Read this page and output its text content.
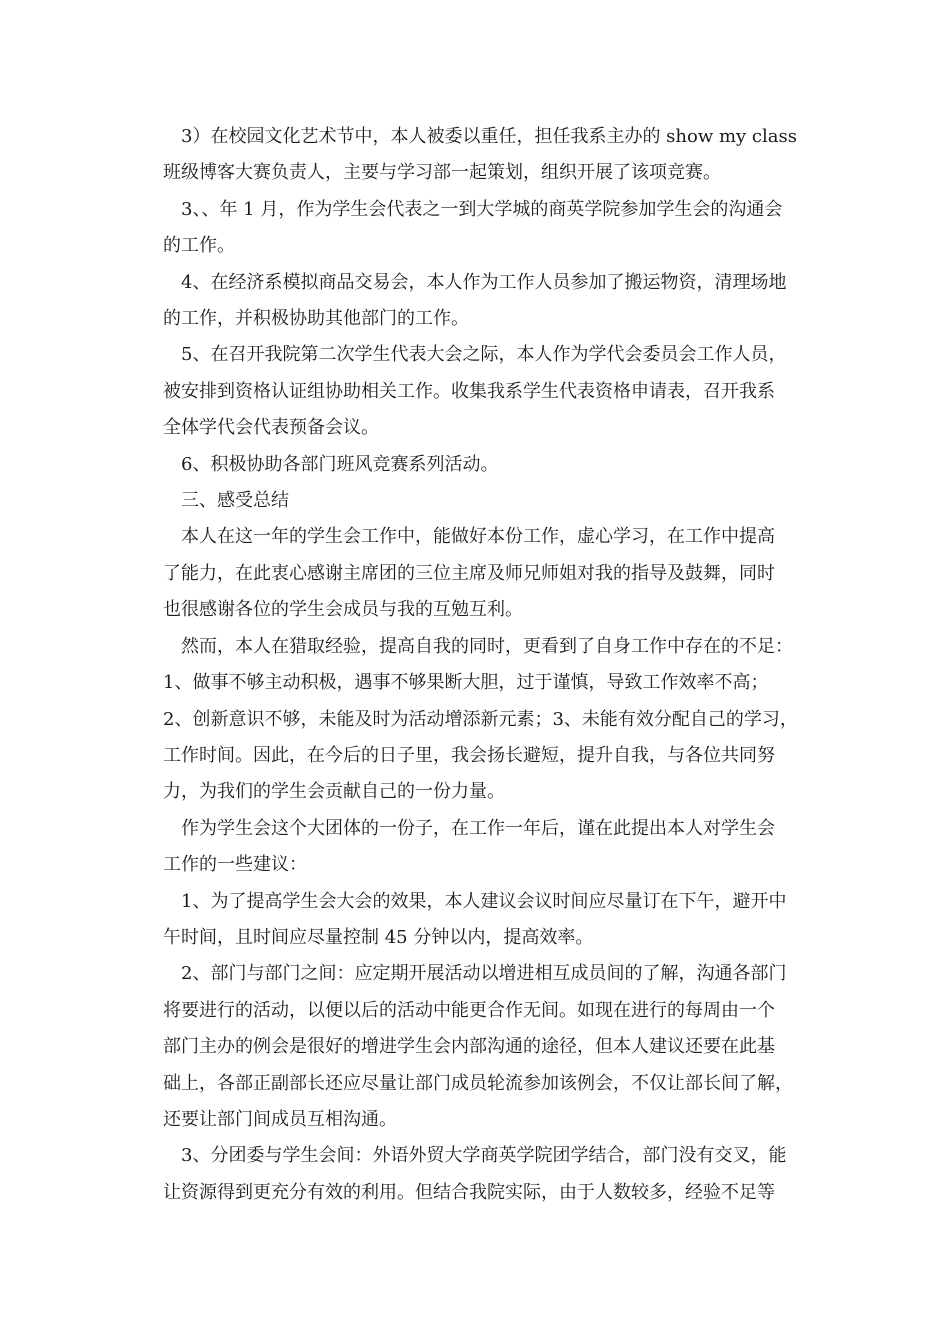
3）在校园文化艺术节中，本人被委以重任，担任我系主办的 show my class
班级博客大赛负责人，主要与学习部一起策划，组织开展了该项竞赛。
3、、年 1 月，作为学生会代表之一到大学城的商英学院参加学生会的沟通会
的工作。
4、在经济系模拟商品交易会，本人作为工作人员参加了搬运物资，清理场地
的工作，并积极协助其他部门的工作。
5、在召开我院第二次学生代表大会之际，本人作为学代会委员会工作人员，
被安排到资格认证组协助相关工作。收集我系学生代表资格申请表，召开我系
全体学代会代表预备会议。
6、积极协助各部门班风竞赛系列活动。
三、感受总结
本人在这一年的学生会工作中，能做好本份工作，虚心学习，在工作中提高
了能力，在此衷心感谢主席团的三位主席及师兄师姐对我的指导及鼓舞，同时
也很感谢各位的学生会成员与我的互勉互利。
然而，本人在猎取经验，提高自我的同时，更看到了自身工作中存在的不足：
1、做事不够主动积极，遇事不够果断大胆，过于谨慎，导致工作效率不高；
2、创新意识不够，未能及时为活动增添新元素；3、未能有效分配自己的学习，
工作时间。因此，在今后的日子里，我会扬长避短，提升自我，与各位共同努
力，为我们的学生会贡献自己的一份力量。
作为学生会这个大团体的一份子，在工作一年后，谨在此提出本人对学生会
工作的一些建议：
1、为了提高学生会大会的效果，本人建议会议时间应尽量订在下午，避开中
午时间，且时间应尽量控制 45 分钟以内，提高效率。
2、部门与部门之间：应定期开展活动以增进相互成员间的了解，沟通各部门
将要进行的活动，以便以后的活动中能更合作无间。如现在进行的每周由一个
部门主办的例会是很好的增进学生会内部沟通的途径，但本人建议还要在此基
础上，各部正副部长还应尽量让部门成员轮流参加该例会，不仅让部长间了解，
还要让部门间成员互相沟通。
3、分团委与学生会间：外语外贸大学商英学院团学结合，部门没有交叉，能
让资源得到更充分有效的利用。但结合我院实际，由于人数较多，经验不足等
